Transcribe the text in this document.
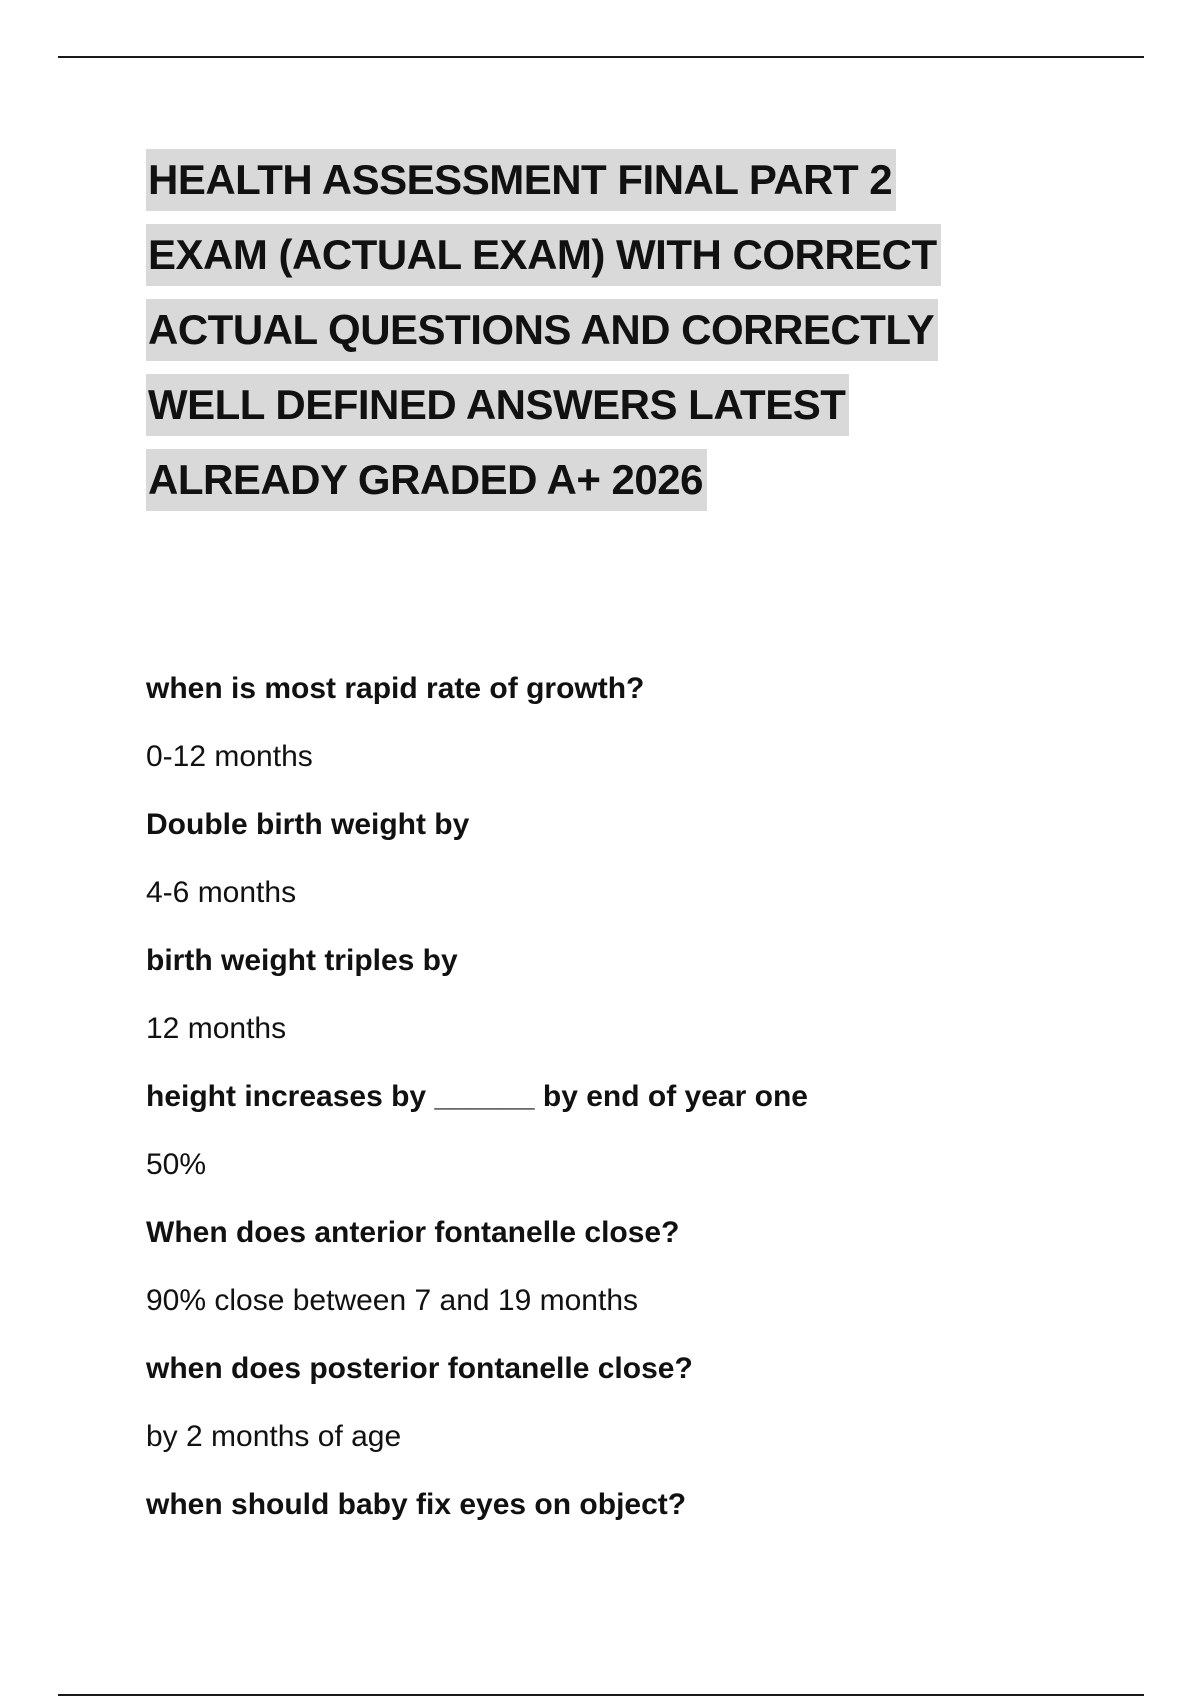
HEALTH ASSESSMENT FINAL PART 2
EXAM (ACTUAL EXAM) WITH CORRECT
ACTUAL QUESTIONS AND CORRECTLY
WELL DEFINED ANSWERS LATEST
ALREADY GRADED A+ 2026
when is most rapid rate of growth?
0-12 months
Double birth weight by
4-6 months
birth weight triples by
12 months
height increases by ______ by end of year one
50%
When does anterior fontanelle close?
90% close between 7 and 19 months
when does posterior fontanelle close?
by 2 months of age
when should baby fix eyes on object?
